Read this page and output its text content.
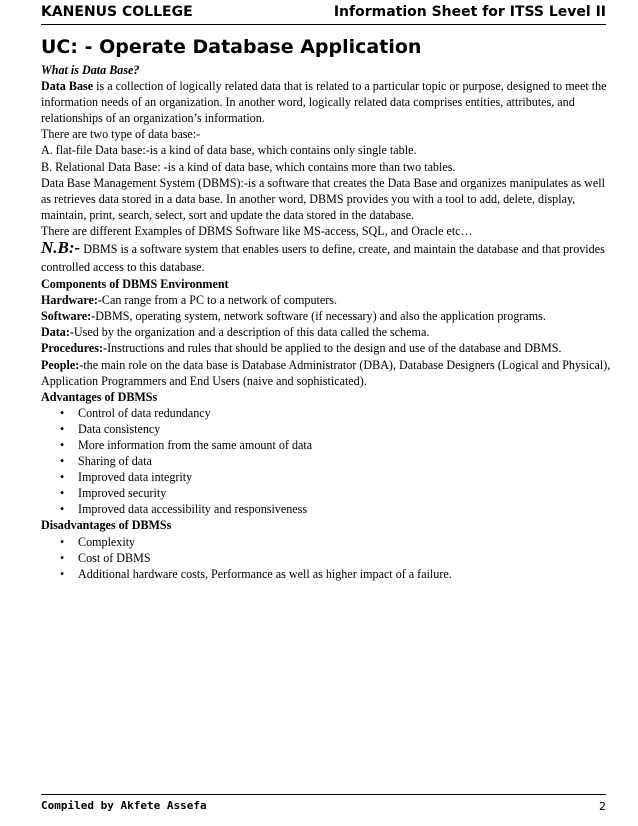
KANENUS COLLEGE	Information Sheet for ITSS Level II
UC: - Operate Database Application

What is Data Base?

Data Base is a collection of logically related data that is related to a particular topic or purpose, designed to meet the information needs of an organization. In another word, logically related data comprises entities, attributes, and relationships of an organization’s information.

There are two type of data base:-

A. flat-file Data base:-is a kind of data base, which contains only single table.

B. Relational Data Base: -is a kind of data base, which contains more than two tables.

Data Base Management System (DBMS):-is a software that creates the Data Base and organizes manipulates as well as retrieves data stored in a data base. In another word, DBMS provides you with a tool to add, delete, display, maintain, print, search, select, sort and update the data stored in the database.

There are different Examples of DBMS Software like MS-access, SQL, and Oracle etc…

N.B:- DBMS is a software system that enables users to define, create, and maintain the database and that provides controlled access to this database.

Components of DBMS Environment

Hardware:-Can range from a PC to a network of computers.

Software:-DBMS, operating system, network software (if necessary) and also the application programs.

Data:-Used by the organization and a description of this data called the schema.

Procedures:-Instructions and rules that should be applied to the design and use of the database and DBMS.

People:-the main role on the data base is Database Administrator (DBA), Database Designers (Logical and Physical), Application Programmers and End Users (naive and sophisticated).

Advantages of DBMSs

• Control of data redundancy
• Data consistency
• More information from the same amount of data
• Sharing of data
• Improved data integrity
• Improved security
• Improved data accessibility and responsiveness

Disadvantages of DBMSs

• Complexity
• Cost of DBMS
• Additional hardware costs, Performance as well as higher impact of a failure.
Compiled by Akfete Assefa	2
